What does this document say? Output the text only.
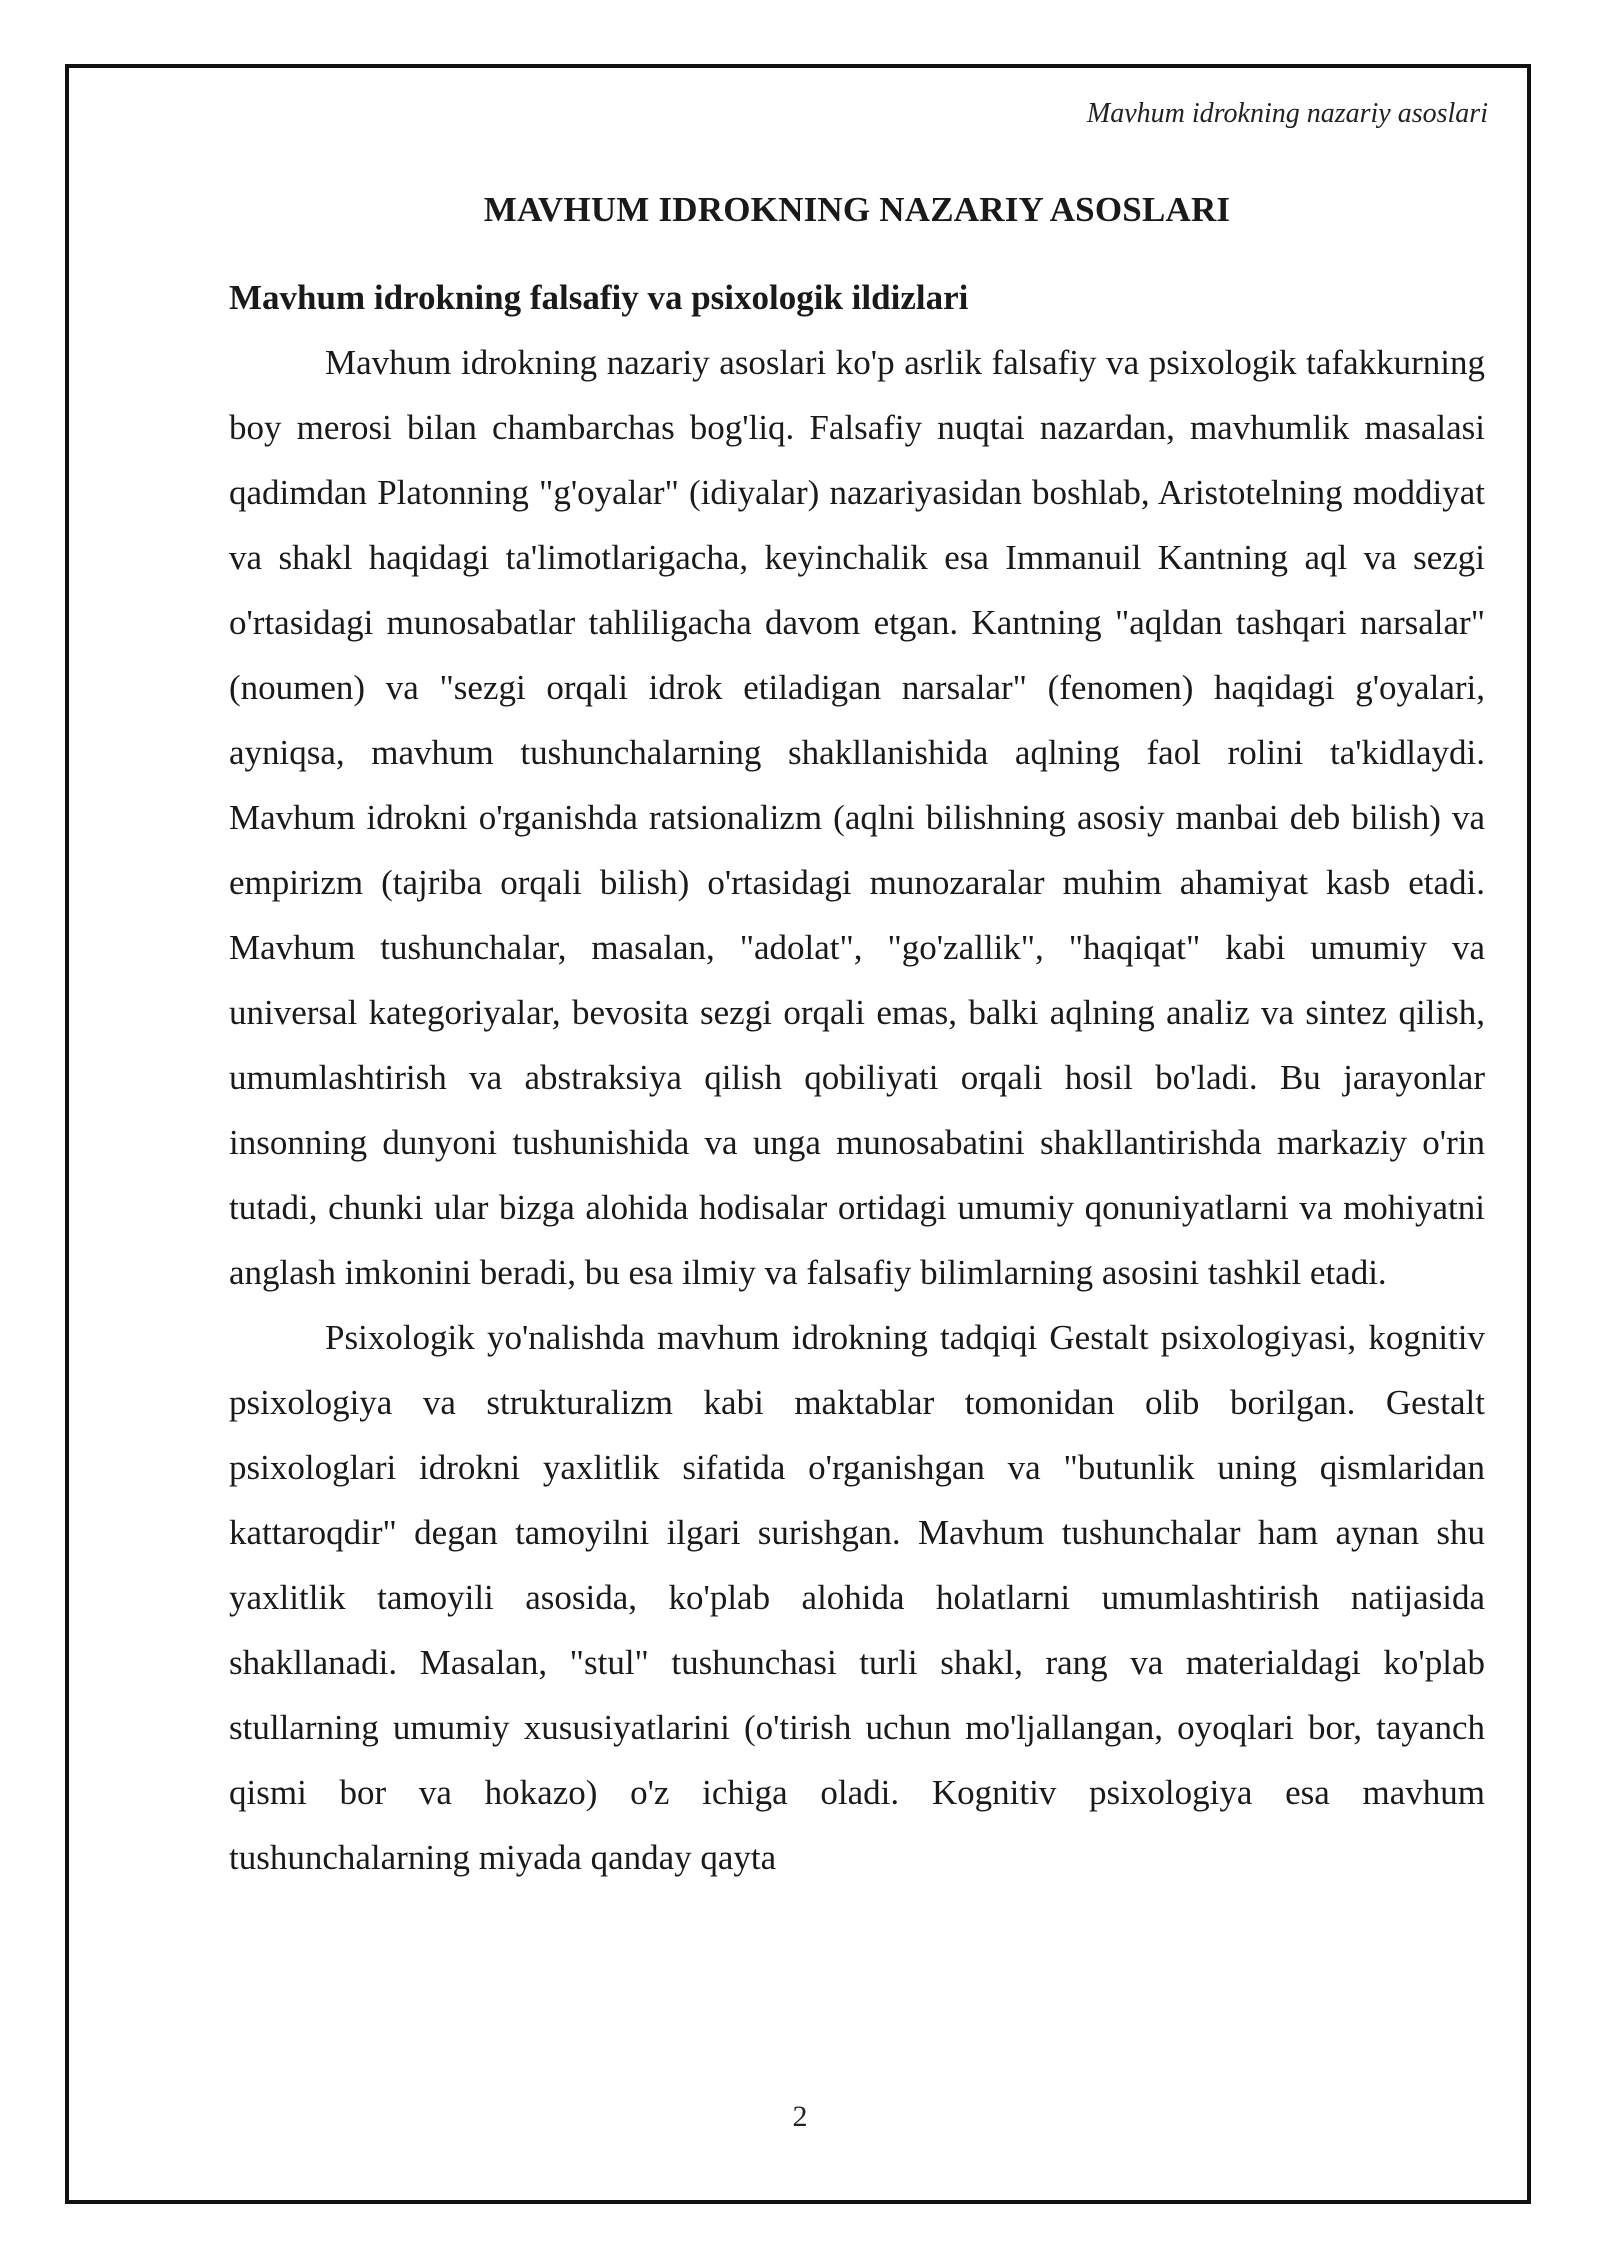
Mavhum idrokning nazariy asoslari
MAVHUM IDROKNING NAZARIY ASOSLARI
Mavhum idrokning falsafiy va psixologik ildizlari

Mavhum idrokning nazariy asoslari ko'p asrlik falsafiy va psixologik tafakkurning boy merosi bilan chambarchas bog'liq. Falsafiy nuqtai nazardan, mavhumlik masalasi qadimdan Platonning "g'oyalar" (idiyalar) nazariyasidan boshlab, Aristotelning moddiyat va shakl haqidagi ta'limotlarigacha, keyinchalik esa Immanuil Kantning aql va sezgi o'rtasidagi munosabatlar tahliligacha davom etgan. Kantning "aqldan tashqari narsalar" (noumen) va "sezgi orqali idrok etiladigan narsalar" (fenomen) haqidagi g'oyalari, ayniqsa, mavhum tushunchalarning shakllanishida aqlning faol rolini ta'kidlaydi. Mavhum idrokni o'rganishda ratsionalizm (aqlni bilishning asosiy manbai deb bilish) va empirizm (tajriba orqali bilish) o'rtasidagi munozaralar muhim ahamiyat kasb etadi. Mavhum tushunchalar, masalan, "adolat", "go'zallik", "haqiqat" kabi umumiy va universal kategoriyalar, bevosita sezgi orqali emas, balki aqlning analiz va sintez qilish, umumlashtirish va abstraksiya qilish qobiliyati orqali hosil bo'ladi. Bu jarayonlar insonning dunyoni tushunishida va unga munosabatini shakllantirishda markaziy o'rin tutadi, chunki ular bizga alohida hodisalar ortidagi umumiy qonuniyatlarni va mohiyatni anglash imkonini beradi, bu esa ilmiy va falsafiy bilimlarning asosini tashkil etadi.

Psixologik yo'nalishda mavhum idrokning tadqiqi Gestalt psixologiyasi, kognitiv psixologiya va strukturalizm kabi maktablar tomonidan olib borilgan. Gestalt psixologlari idrokni yaxlitlik sifatida o'rganishgan va "butunlik uning qismlaridan kattaroqdir" degan tamoyilni ilgari surishgan. Mavhum tushunchalar ham aynan shu yaxlitlik tamoyili asosida, ko'plab alohida holatlarni umumlashtirish natijasida shakllanadi. Masalan, "stul" tushunchasi turli shakl, rang va materialdagi ko'plab stullarning umumiy xususiyatlarini (o'tirish uchun mo'ljallangan, oyoqlari bor, tayanch qismi bor va hokazo) o'z ichiga oladi. Kognitiv psixologiya esa mavhum tushunchalarning miyada qanday qayta

2
